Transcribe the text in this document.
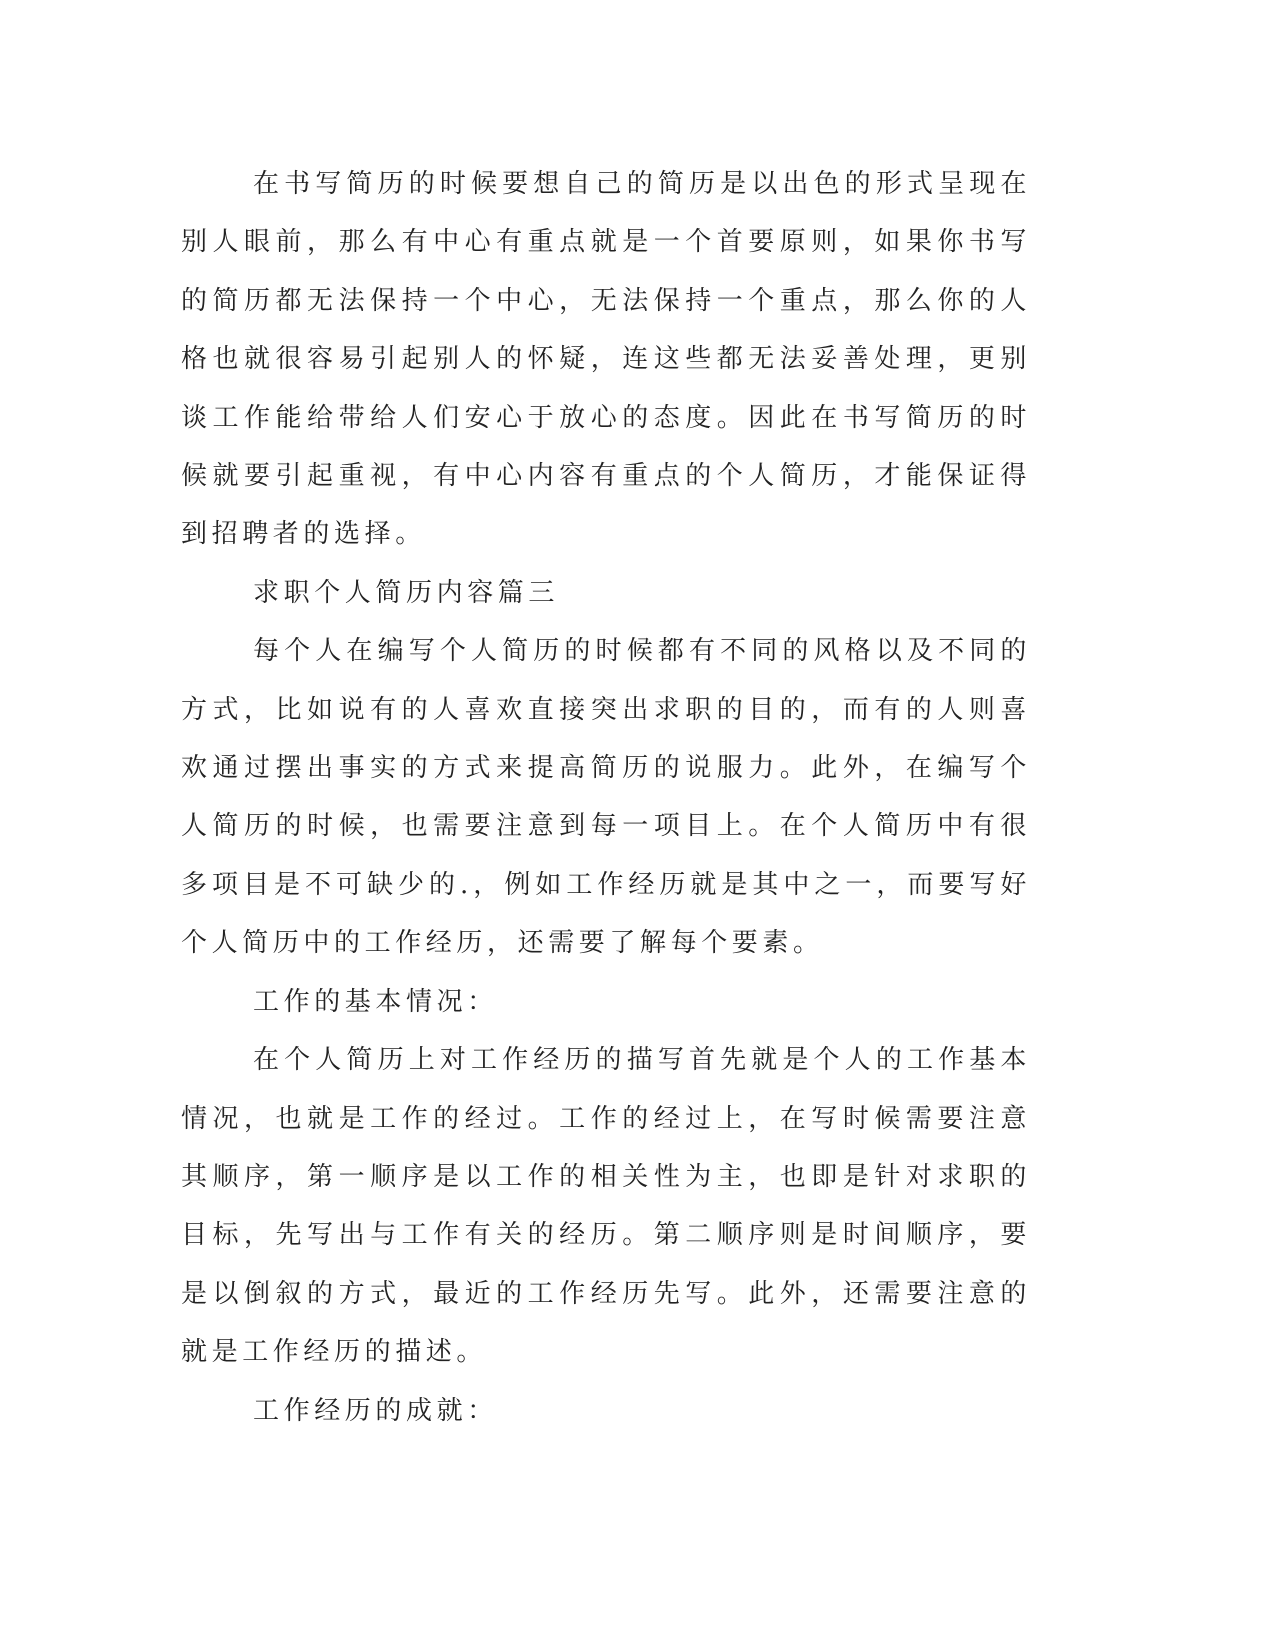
在书写简历的时候要想自己的简历是以出色的形式呈现在别人眼前，那么有中心有重点就是一个首要原则，如果你书写的简历都无法保持一个中心，无法保持一个重点，那么你的人格也就很容易引起别人的怀疑，连这些都无法妥善处理，更别谈工作能给带给人们安心于放心的态度。因此在书写简历的时候就要引起重视，有中心内容有重点的个人简历，才能保证得到招聘者的选择。

求职个人简历内容篇三

每个人在编写个人简历的时候都有不同的风格以及不同的方式，比如说有的人喜欢直接突出求职的目的，而有的人则喜欢通过摆出事实的方式来提高简历的说服力。此外，在编写个人简历的时候，也需要注意到每一项目上。在个人简历中有很多项目是不可缺少的.，例如工作经历就是其中之一，而要写好个人简历中的工作经历，还需要了解每个要素。

工作的基本情况：

在个人简历上对工作经历的描写首先就是个人的工作基本情况，也就是工作的经过。工作的经过上，在写时候需要注意其顺序，第一顺序是以工作的相关性为主，也即是针对求职的目标，先写出与工作有关的经历。第二顺序则是时间顺序，要是以倒叙的方式，最近的工作经历先写。此外，还需要注意的就是工作经历的描述。

工作经历的成就：
